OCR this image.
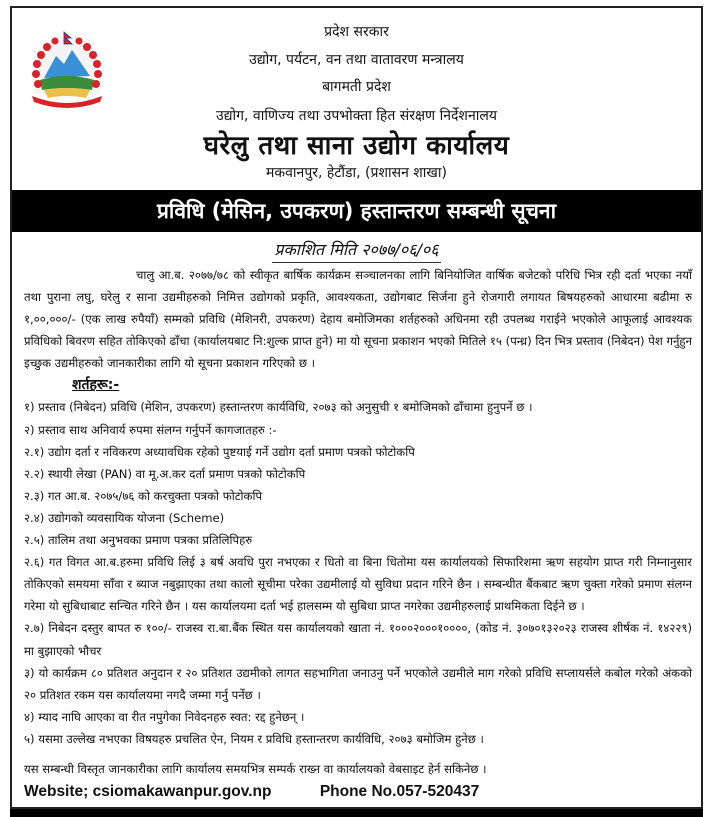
प्रदेश सरकार
उद्योग, पर्यटन, वन तथा वातावरण मन्त्रालय
बागमती प्रदेश
उद्योग, वाणिज्य तथा उपभोक्ता हित संरक्षण निर्देशनालय
घरेलु तथा साना उद्योग कार्यालय
मकवानपुर, हेटौंडा, (प्रशासन शाखा)
प्रविधि (मेसिन, उपकरण) हस्तान्तरण सम्बन्धी सूचना
प्रकाशित मिति २०७७/०६/०६

चालु आ.ब. २०७७/७८ को स्वीकृत बार्षिक कार्यक्रम सञ्चालनका लागि बिनियोजित वार्षिक बजेटको परिधि भित्र रही दर्ता भएका नयाँ तथा पुराना लघु, घरेलु र साना उद्यमीहरुको निमित्त उद्योगको प्रकृति, आवश्यकता, उद्योगबाट सिर्जना हुने रोजगारी लगायत बिषयहरुको आधारमा बढीमा रु १,००,०००/- (एक लाख रुपैयाँ) सम्मको प्रविधि (मेशिनरी, उपकरण) देहाय बमोजिमका शर्तहरुको अधिनमा रही उपलब्ध गराईने भएकोले आफूलाई आवश्यक प्रविधिको बिवरण सहित तोकिएको ढाँचा (कार्यालयबाट नि:शुल्क प्राप्त हुने) मा यो सूचना प्रकाशन भएको मितिले १५ (पन्ध्र) दिन भित्र प्रस्ताव (निबेदन) पेश गर्नुहुन इच्छुक उद्यमीहरुको जानकारीका लागि यो सूचना प्रकाशन गरिएको छ ।

शर्तहरू:-

१) प्रस्ताव (निबेदन) प्रविधि (मेशिन, उपकरण) हस्तान्तरण कार्यविधि, २०७३ को अनुसुची १ बमोजिमको ढाँचामा हुनुपर्ने छ ।

२) प्रस्ताव साथ अनिवार्य रुपमा संलग्न गर्नुपर्ने कागजातहरु :-

२.१) उद्योग दर्ता र नविकरण अध्यावधिक रहेको पुष्टयाई गर्ने उद्योग दर्ता प्रमाण पत्रको फोटोकपि

२.२) स्थायी लेखा (PAN) वा मू.अ.कर दर्ता प्रमाण पत्रको फोटोकपि

२.३) गत आ.ब. २०७५/७६ को करचुक्ता पत्रको फोटोकपि

२.४) उद्योगको व्यवसायिक योजना (Scheme)

२.५) तालिम तथा अनुभवका प्रमाण पत्रका प्रतिलिपिहरु

२.६) गत विगत आ.ब.हरुमा प्रविधि लिई ३ बर्ष अवधि पुरा नभएका र धितो वा बिना धितोमा यस कार्यालयको सिफारिशमा ऋण सहयोग प्राप्त गरी निम्नानुसार तोकिएको समयमा साँवा र ब्याज नबुझाएका तथा कालो सूचीमा परेका उद्यमीलाई यो सुविधा प्रदान गरिने छैन । सम्बन्धीत बैंकबाट ऋण चुक्ता गरेको प्रमाण संलग्न गरेमा यो सुबिधाबाट सन्चित गरिने छैन । यस कार्यालयमा दर्ता भई हालसम्म यो सुबिधा प्राप्त नगरेका उद्यमीहरुलाई प्राथमिकता दिईने छ ।

२.७) निबेदन दस्तुर बापत रु १००/- राजस्व रा.बा.बैंक स्थित यस कार्यालयको खाता नं. १०००२०००१००००, (कोड नं. ३०७०१३२०२३ राजस्व शीर्षक नं. १४२२९) मा बुझाएको भौचर

३) यो कार्यक्रम ८० प्रतिशत अनुदान र २० प्रतिशत उद्यमीको लागत सहभागिता जनाउनु पर्ने भएकोले उद्यमीले माग गरेको प्रविधि सप्लायर्सले कबोल गरेको अंकको २० प्रतिशत रकम यस कार्यालयमा नगदै जम्मा गर्नु पर्नेछ ।

४) म्याद नाघि आएका वा रीत नपुगेका निवेदनहरु स्वत: रद्द हुनेछन् ।

५) यसमा उल्लेख नभएका विषयहरु प्रचलित ऐन, नियम र प्रविधि हस्तान्तरण कार्यविधि, २०७३ बमोजिम हुनेछ ।

यस सम्बन्धी विस्तृत जानकारीका लागि कार्यालय समयभित्र सम्पर्क राख्न वा कार्यालयको वेबसाइट हेर्न सकिनेछ ।

Website; csiomakawanpur.gov.np	Phone No.057-520437
